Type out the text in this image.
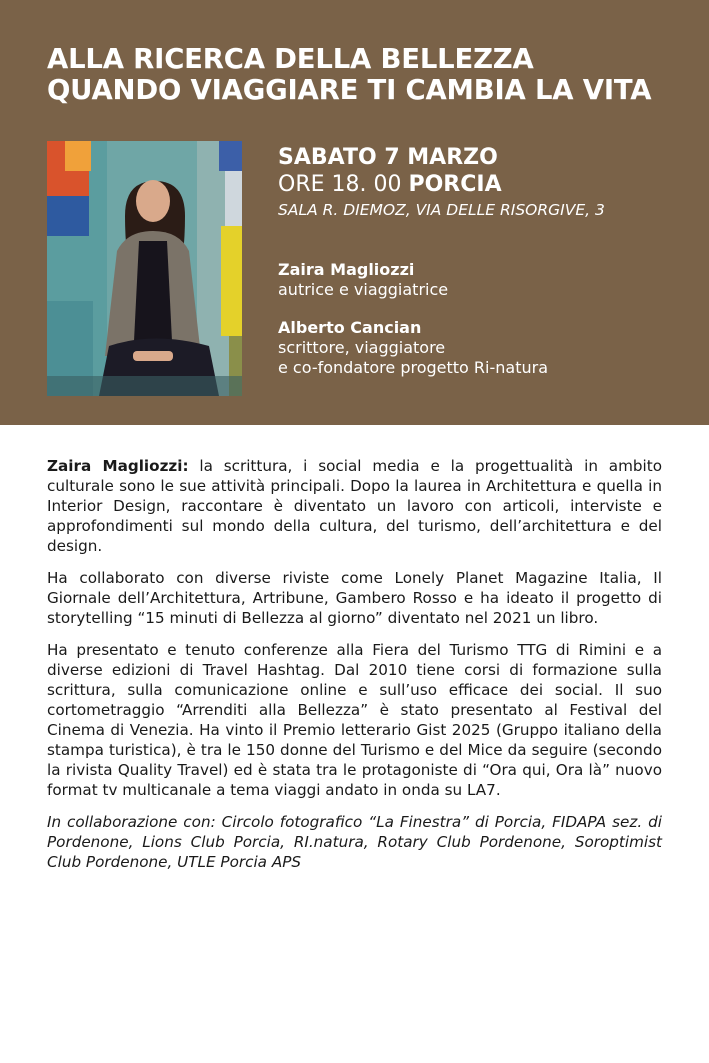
ALLA RICERCA DELLA BELLEZZA
QUANDO VIAGGIARE TI CAMBIA LA VITA
SABATO 7 MARZO
ORE 18. 00 PORCIA
SALA R. DIEMOZ, VIA DELLE RISORGIVE, 3
Zaira Magliozzi
autrice e viaggiatrice
Alberto Cancian
scrittore, viaggiatore
e co-fondatore progetto Ri-natura

Zaira Magliozzi: la scrittura, i social media e la progettualità in ambito culturale sono le sue attività principali. Dopo la laurea in Architettura e quella in Interior Design, raccontare è diventato un lavoro con articoli, interviste e approfondimenti sul mondo della cultura, del turismo, dell’architettura e del design.

Ha collaborato con diverse riviste come Lonely Planet Magazine Italia, Il Giornale dell’Architettura, Artribune, Gambero Rosso e ha ideato il progetto di storytelling “15 minuti di Bellezza al giorno” diventato nel 2021 un libro.

Ha presentato e tenuto conferenze alla Fiera del Turismo TTG di Rimini e a diverse edizioni di Travel Hashtag. Dal 2010 tiene corsi di formazione sulla scrittura, sulla comunicazione online e sull’uso efficace dei social. Il suo cortometraggio “Arrenditi alla Bellezza” è stato presentato al Festival del Cinema di Venezia. Ha vinto il Premio letterario Gist 2025 (Gruppo italiano della stampa turistica), è tra le 150 donne del Turismo e del Mice da seguire (secondo la rivista Quality Travel) ed è stata tra le protagoniste di “Ora qui, Ora là” nuovo format tv multicanale a tema viaggi andato in onda su LA7.

In collaborazione con: Circolo fotografico “La Finestra” di Porcia, FIDAPA sez. di Pordenone, Lions Club Porcia, RI.natura, Rotary Club Pordenone, Soroptimist Club Pordenone, UTLE Porcia APS
